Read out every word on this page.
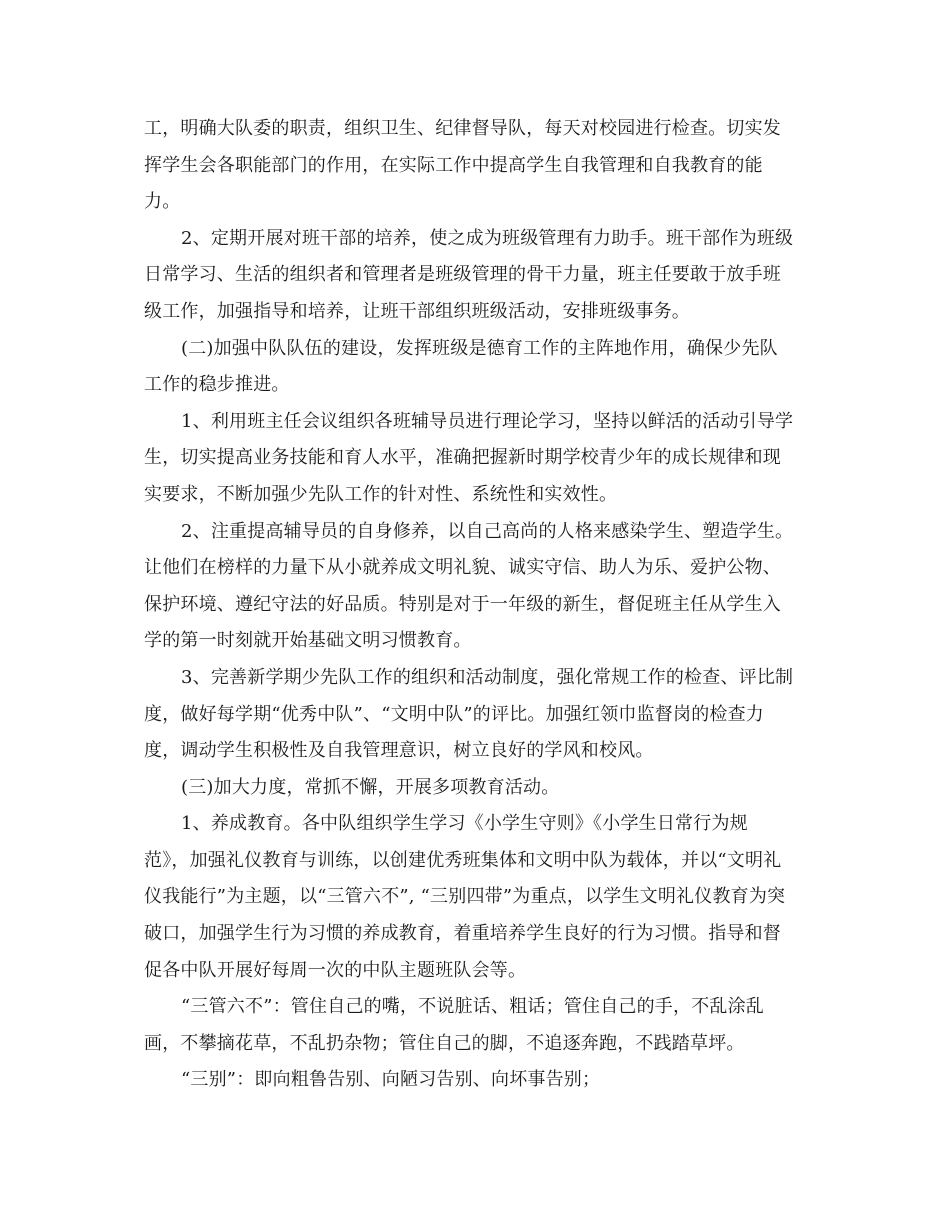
工，明确大队委的职责，组织卫生、纪律督导队，每天对校园进行检查。切实发
挥学生会各职能部门的作用，在实际工作中提高学生自我管理和自我教育的能
力。
2、定期开展对班干部的培养，使之成为班级管理有力助手。班干部作为班级
日常学习、生活的组织者和管理者是班级管理的骨干力量，班主任要敢于放手班
级工作，加强指导和培养，让班干部组织班级活动，安排班级事务。
(二)加强中队队伍的建设，发挥班级是德育工作的主阵地作用，确保少先队
工作的稳步推进。
1、利用班主任会议组织各班辅导员进行理论学习，坚持以鲜活的活动引导学
生，切实提高业务技能和育人水平，准确把握新时期学校青少年的成长规律和现
实要求，不断加强少先队工作的针对性、系统性和实效性。
2、注重提高辅导员的自身修养，以自己高尚的人格来感染学生、塑造学生。
让他们在榜样的力量下从小就养成文明礼貌、诚实守信、助人为乐、爱护公物、
保护环境、遵纪守法的好品质。特别是对于一年级的新生，督促班主任从学生入
学的第一时刻就开始基础文明习惯教育。
3、完善新学期少先队工作的组织和活动制度，强化常规工作的检查、评比制
度，做好每学期“优秀中队”、“文明中队”的评比。加强红领巾监督岗的检查力
度，调动学生积极性及自我管理意识，树立良好的学风和校风。
(三)加大力度，常抓不懈，开展多项教育活动。
1、养成教育。各中队组织学生学习《小学生守则》《小学生日常行为规
范》，加强礼仪教育与训练，以创建优秀班集体和文明中队为载体，并以“文明礼
仪我能行”为主题，以“三管六不”, “三别四带”为重点，以学生文明礼仪教育为突
破口，加强学生行为习惯的养成教育，着重培养学生良好的行为习惯。指导和督
促各中队开展好每周一次的中队主题班队会等。
“三管六不”：管住自己的嘴，不说脏话、粗话；管住自己的手，不乱涂乱
画，不攀摘花草，不乱扔杂物；管住自己的脚，不追逐奔跑，不践踏草坪。
“三别”：即向粗鲁告别、向陋习告别、向坏事告别；
